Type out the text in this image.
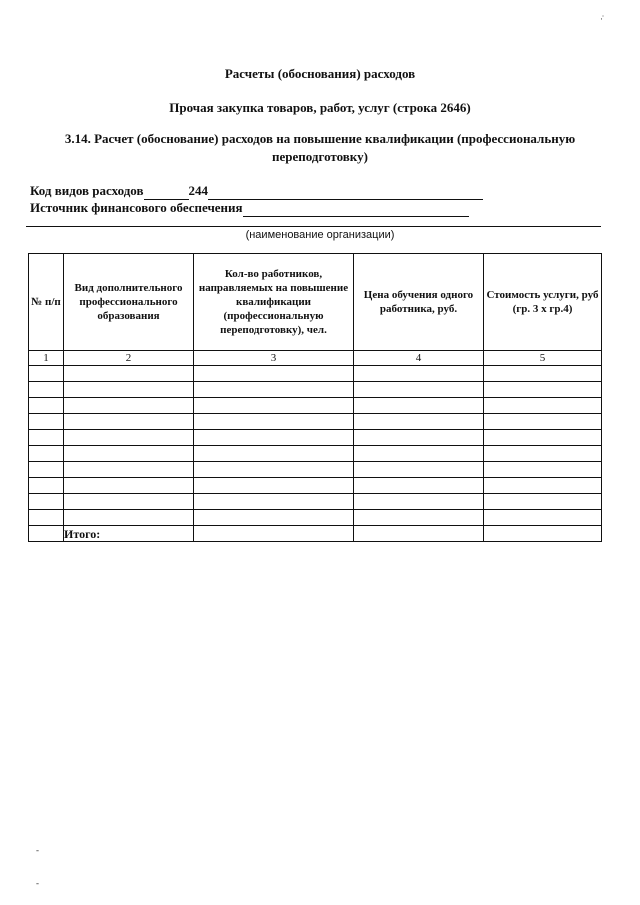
·̇
Расчеты (обоснования) расходов
Прочая закупка товаров, работ, услуг (строка 2646)
3.14. Расчет (обоснование) расходов на повышение квалификации (профессиональную переподготовку)
Код видов расходов	244
Источник финансового обеспечения
(наименование организации)
№ п/п	Вид дополнительного профессионального образования	Кол-во работников, направляемых на повышение квалификации (профессиональную переподготовку), чел.	Цена обучения одного работника, руб.	Стоимость услуги, руб (гр. 3 х гр.4)
1	2	3	4	5

	Итого:			
-
-
